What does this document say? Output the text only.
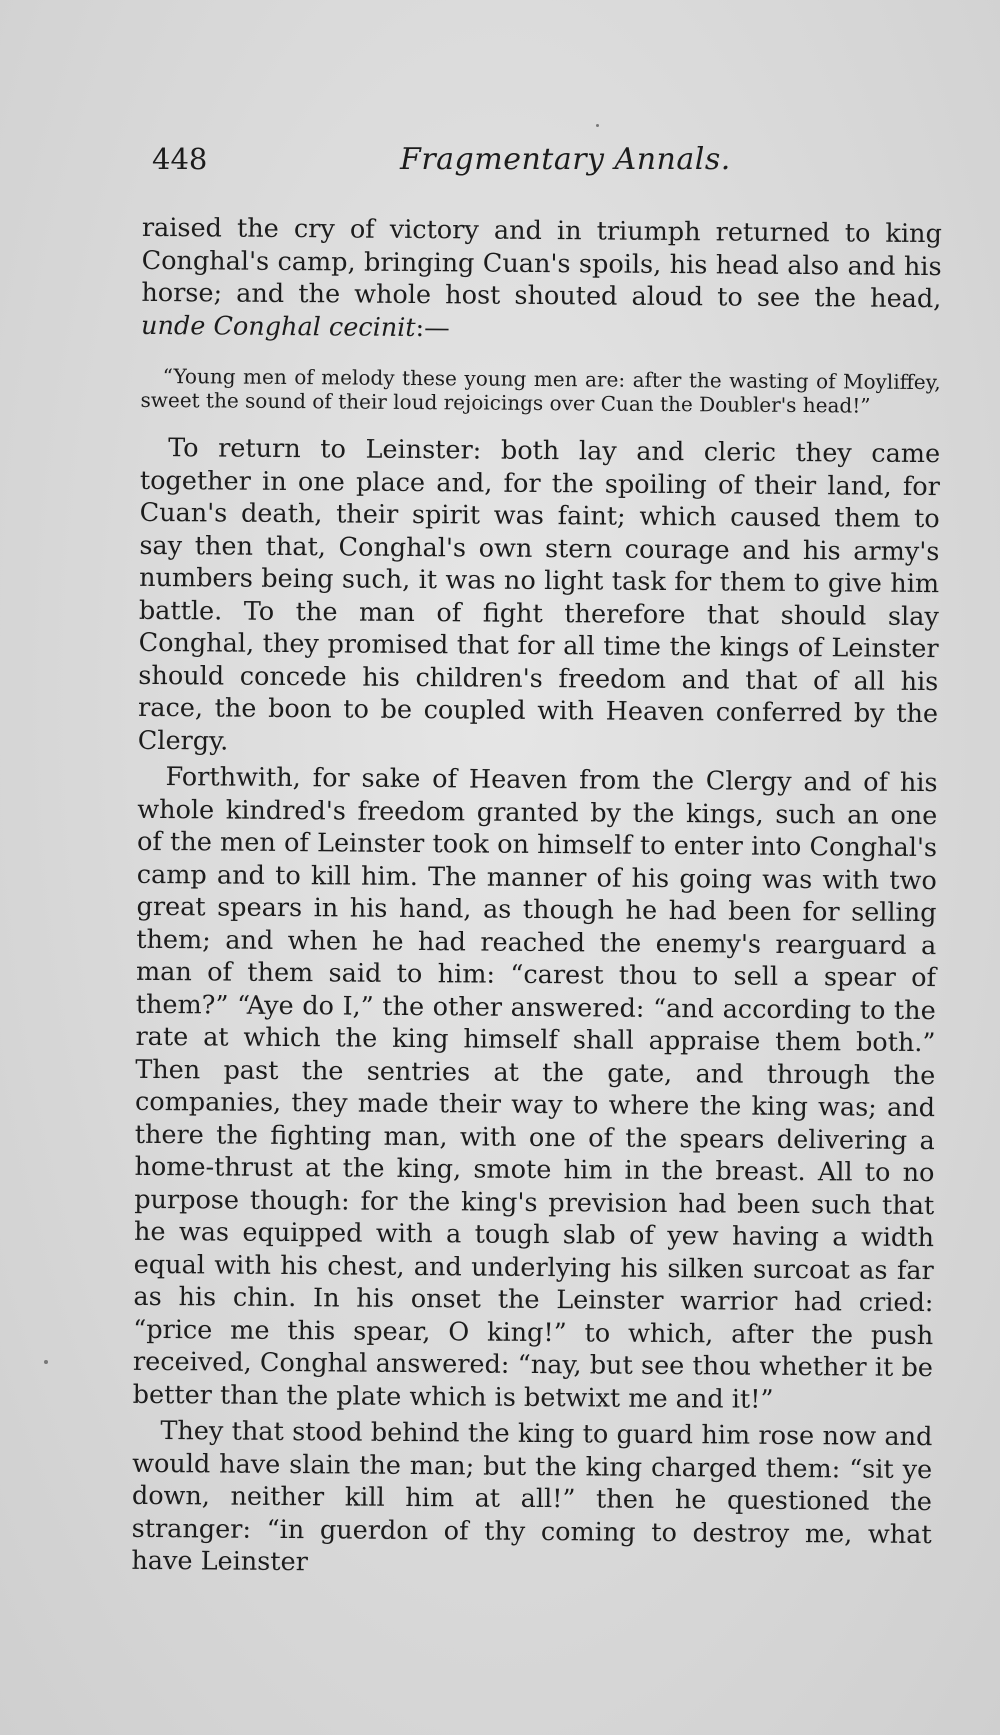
448	Fragmentary Annals.

raised the cry of victory and in triumph returned to king Conghal's camp, bringing Cuan's spoils, his head also and his horse; and the whole host shouted aloud to see the head, unde Conghal cecinit:—

“Young men of melody these young men are: after the wasting of Moyliffey, sweet the sound of their loud rejoicings over Cuan the Doubler's head!”

To return to Leinster: both lay and cleric they came together in one place and, for the spoiling of their land, for Cuan's death, their spirit was faint; which caused them to say then that, Conghal's own stern courage and his army's numbers being such, it was no light task for them to give him battle. To the man of fight therefore that should slay Conghal, they promised that for all time the kings of Leinster should concede his children's freedom and that of all his race, the boon to be coupled with Heaven conferred by the Clergy.

Forthwith, for sake of Heaven from the Clergy and of his whole kindred's freedom granted by the kings, such an one of the men of Leinster took on himself to enter into Conghal's camp and to kill him. The manner of his going was with two great spears in his hand, as though he had been for selling them; and when he had reached the enemy's rearguard a man of them said to him: “carest thou to sell a spear of them?” “Aye do I,” the other answered: “and according to the rate at which the king himself shall appraise them both.” Then past the sentries at the gate, and through the companies, they made their way to where the king was; and there the fighting man, with one of the spears delivering a home-thrust at the king, smote him in the breast. All to no purpose though: for the king's prevision had been such that he was equipped with a tough slab of yew having a width equal with his chest, and underlying his silken surcoat as far as his chin. In his onset the Leinster warrior had cried: “price me this spear, O king!” to which, after the push received, Conghal answered: “nay, but see thou whether it be better than the plate which is betwixt me and it!”

They that stood behind the king to guard him rose now and would have slain the man; but the king charged them: “sit ye down, neither kill him at all!” then he questioned the stranger: “in guerdon of thy coming to destroy me, what have Leinster
